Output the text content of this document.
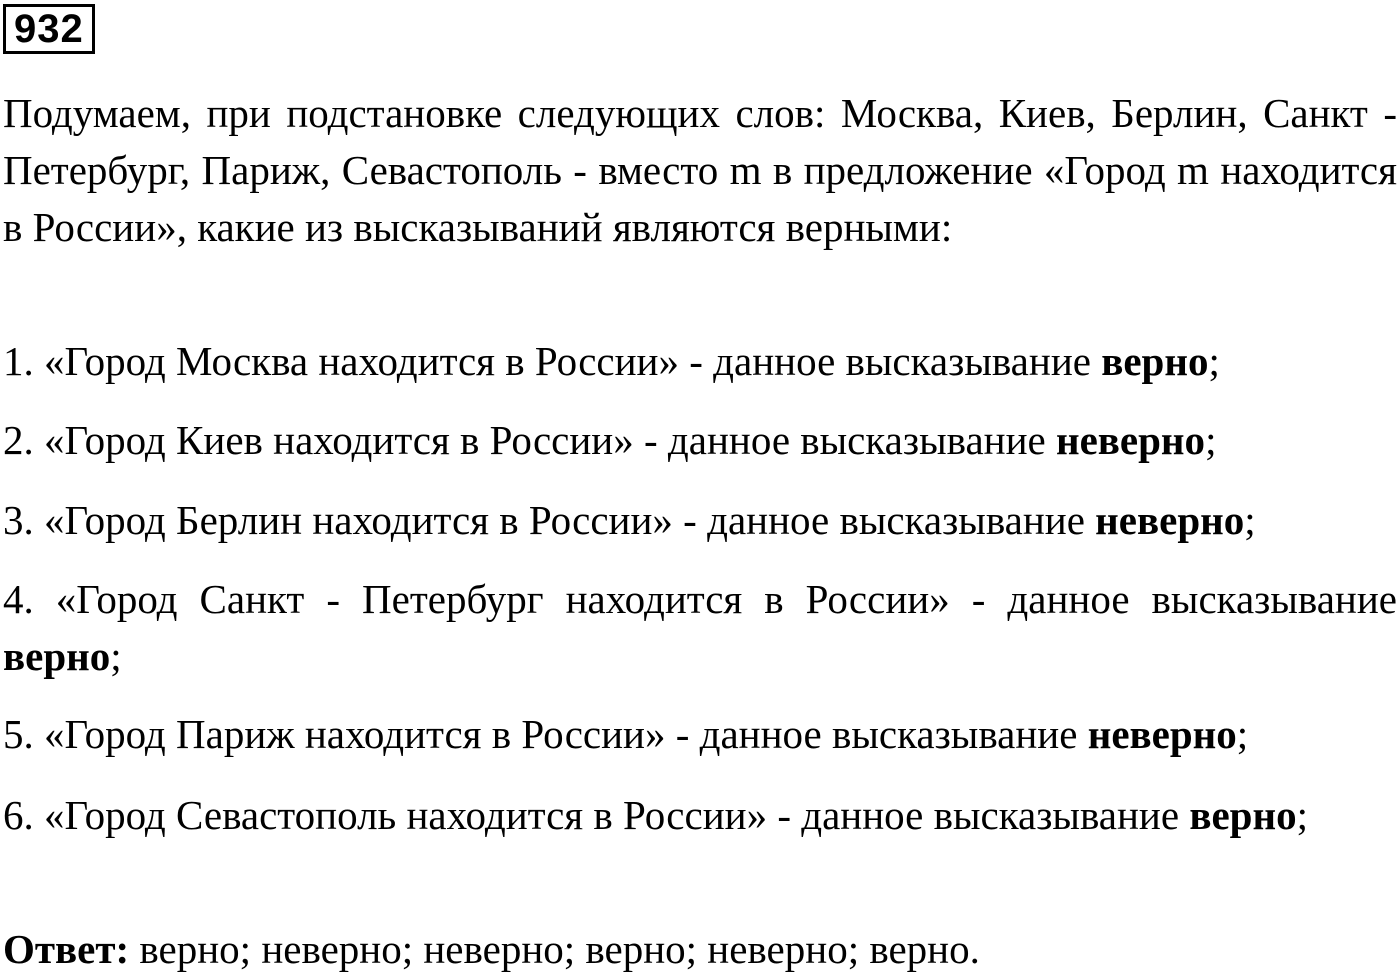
932
Подумаем, при подстановке следующих слов: Москва, Киев, Берлин, Санкт - Петербург, Париж, Севастополь - вместо m в предложение «Город m находится в России», какие из высказываний являются верными:
1. «Город Москва находится в России» - данное высказывание верно;
2. «Город Киев находится в России» - данное высказывание неверно;
3. «Город Берлин находится в России» - данное высказывание неверно;
4. «Город Санкт - Петербург находится в России» - данное высказывание верно;
5. «Город Париж находится в России» - данное высказывание неверно;
6. «Город Севастополь находится в России» - данное высказывание верно;
Ответ: верно; неверно; неверно; верно; неверно; верно.
